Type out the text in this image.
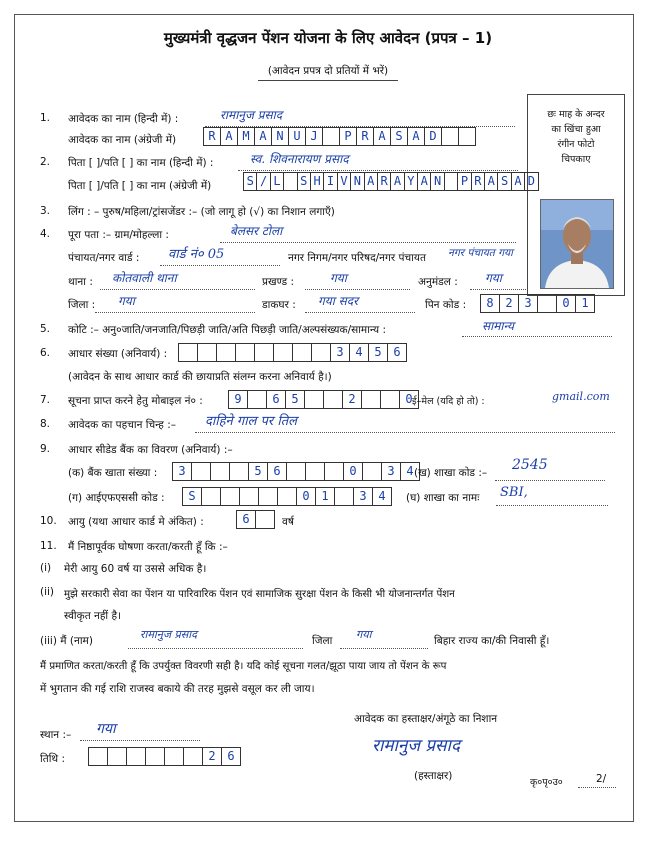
मुख्यमंत्री वृद्धजन पेंशन योजना के लिए आवेदन (प्रपत्र – 1)
(आवेदन प्रपत्र दो प्रतियों में भरें)
छः माह के अन्दर
का खिंचा हुआ
रंगीन फोटो
चिपकाए
1. आवेदक का नाम (हिन्दी में) :	रामानुज प्रसाद
आवेदक का नाम (अंग्रेजी में)	R A M A N U J	P R A S A D
2. पिता [ ]/पति [ ] का नाम (हिन्दी में) :	स्व. शिवनारायण प्रसाद
पिता [ ]/पति [ ] का नाम (अंग्रेजी में)	S / L S H I V N A R A Y A N P R A S A D
3. लिंग : – पुरुष/महिला/ट्रांसजेंडर :– (जो लागू हो (√) का निशान लगाएँ)
4. पूरा पता :– ग्राम/मोहल्ला :	बेलसर टोला
पंचायत/नगर वार्ड : वार्ड नं० 05	नगर निगम/नगर परिषद/नगर पंचायत नगर पंचायत गया
थाना : कोतवाली थाना	प्रखण्ड :	गया	अनुमंडल : गया
जिला : गया	डाकघर : गया सदर	पिन कोड :	8 2 3	0 1
5. कोटि :– अनु०जाति/जनजाति/पिछड़ी जाति/अति पिछड़ी जाति/अल्पसंख्यक/सामान्य :	सामान्य
6. आधार संख्या (अनिवार्य) :	3 4 5 6
(आवेदन के साथ आधार कार्ड की छायाप्रति संलग्न करना अनिवार्य है।)
7. सूचना प्राप्त करने हेतु मोबाइल नं० :	9	6 5	2	0 ई–मेल (यदि हो तो) :	gmail.com
8. आवेदक का पहचान चिन्ह :– दाहिने गाल पर तिल
9. आधार सीडेड बैंक का विवरण (अनिवार्य) :–
(क) बैंक खाता संख्या :	3	5 6	0	3 4 (ख) शाखा कोड :– 2545
(ग) आईएफएससी कोड :	S	0 1	3 4	(घ) शाखा का नामः SBI,
10. आयु (यथा आधार कार्ड मे अंकित) :	6	वर्ष
11. मैं निष्ठापूर्वक घोषणा करता/करती हूँ कि :–
(i) मेरी आयु 60 वर्ष या उससे अधिक है।
(ii) मुझे सरकारी सेवा का पेंशन या पारिवारिक पेंशन एवं सामाजिक सुरक्षा पेंशन के किसी भी योजनान्तर्गत पेंशन
स्वीकृत नहीं है।
(iii) मैं (नाम)	रामानुज प्रसाद	जिला गया	बिहार राज्य का/की निवासी हूँ।
मैं प्रमाणित करता/करती हूँ कि उपर्युक्त विवरणी सही है। यदि कोई सूचना गलत/झूठा पाया जाय तो पेंशन के रूप
में भुगतान की गई राशि राजस्व बकाये की तरह मुझसे वसूल कर ली जाय।
आवेदक का हस्ताक्षर/अंगूठे का निशान
रामानुज प्रसाद
(हस्ताक्षर)
स्थान :– गया
तिथि :	2 6
कृ०पृ०उ०	2/
